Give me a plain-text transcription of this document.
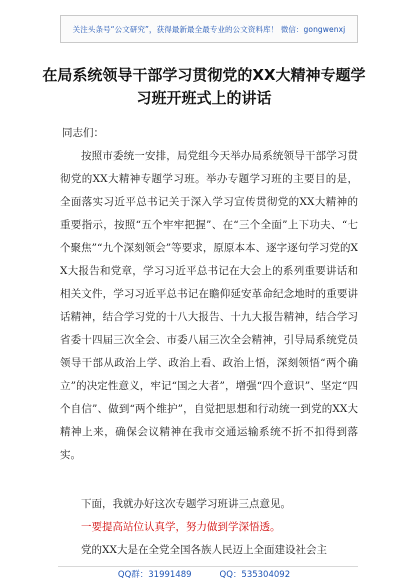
关注头条号“公文研究”，获得最新最全最专业的公文资料库！ 微信：gongwenxj
在局系统领导干部学习贯彻党的XX大精神专题学习班开班式上的讲话
同志们：
按照市委统一安排，局党组今天举办局系统领导干部学习贯彻党的XX大精神专题学习班。举办专题学习班的主要目的是，全面落实习近平总书记关于深入学习宣传贯彻党的XX大精神的重要指示，按照“五个牢牢把握”、在“三个全面”上下功夫、“七个聚焦”“九个深刻领会”等要求，原原本本、逐字逐句学习党的XX大报告和党章，学习习近平总书记在大会上的系列重要讲话和相关文件，学习习近平总书记在瞻仰延安革命纪念地时的重要讲话精神，结合学习党的十八大报告、十九大报告精神，结合学习省委十四届三次全会、市委八届三次全会精神，引导局系统党员领导干部从政治上学、政治上看、政治上悟，深刻领悟“两个确立”的决定性意义，牢记“国之大者”，增强“四个意识”、坚定“四个自信”、做到“两个维护”，自觉把思想和行动统一到党的XX大精神上来，确保会议精神在我市交通运输系统不折不扣得到落实。
下面，我就办好这次专题学习班讲三点意见。
一要提高站位认真学，努力做到学深悟透。
党的XX大是在全党全国各族人民迈上全面建设社会主
QQ群：31991489	QQ：535304092
